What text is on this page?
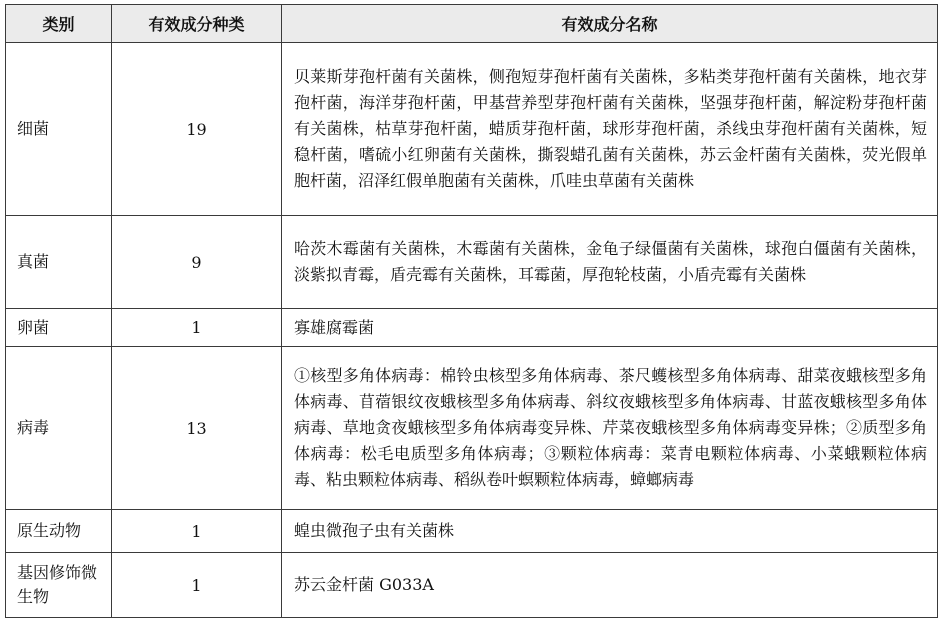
类别	有效成分种类	有效成分名称
细菌	19	贝莱斯芽孢杆菌有关菌株，侧孢短芽孢杆菌有关菌株，多粘类芽孢杆菌有关菌株，地衣芽孢杆菌，海洋芽孢杆菌，甲基营养型芽孢杆菌有关菌株，坚强芽孢杆菌，解淀粉芽孢杆菌有关菌株，枯草芽孢杆菌，蜡质芽孢杆菌，球形芽孢杆菌，杀线虫芽孢杆菌有关菌株，短稳杆菌，嗜硫小红卵菌有关菌株，撕裂蜡孔菌有关菌株，苏云金杆菌有关菌株，荧光假单胞杆菌，沼泽红假单胞菌有关菌株，爪哇虫草菌有关菌株
真菌	9	哈茨木霉菌有关菌株，木霉菌有关菌株，金龟子绿僵菌有关菌株，球孢白僵菌有关菌株，淡紫拟青霉，盾壳霉有关菌株，耳霉菌，厚孢轮枝菌，小盾壳霉有关菌株
卵菌	1	寡雄腐霉菌
病毒	13	①核型多角体病毒：棉铃虫核型多角体病毒、茶尺蠖核型多角体病毒、甜菜夜蛾核型多角体病毒、苜蓿银纹夜蛾核型多角体病毒、斜纹夜蛾核型多角体病毒、甘蓝夜蛾核型多角体病毒、草地贪夜蛾核型多角体病毒变异株、芹菜夜蛾核型多角体病毒变异株；②质型多角体病毒：松毛电质型多角体病毒；③颗粒体病毒：菜青电颗粒体病毒、小菜蛾颗粒体病毒、粘虫颗粒体病毒、稻纵卷叶螟颗粒体病毒，蟑螂病毒
原生动物	1	蝗虫微孢子虫有关菌株
基因修饰微生物	1	苏云金杆菌 G033A
